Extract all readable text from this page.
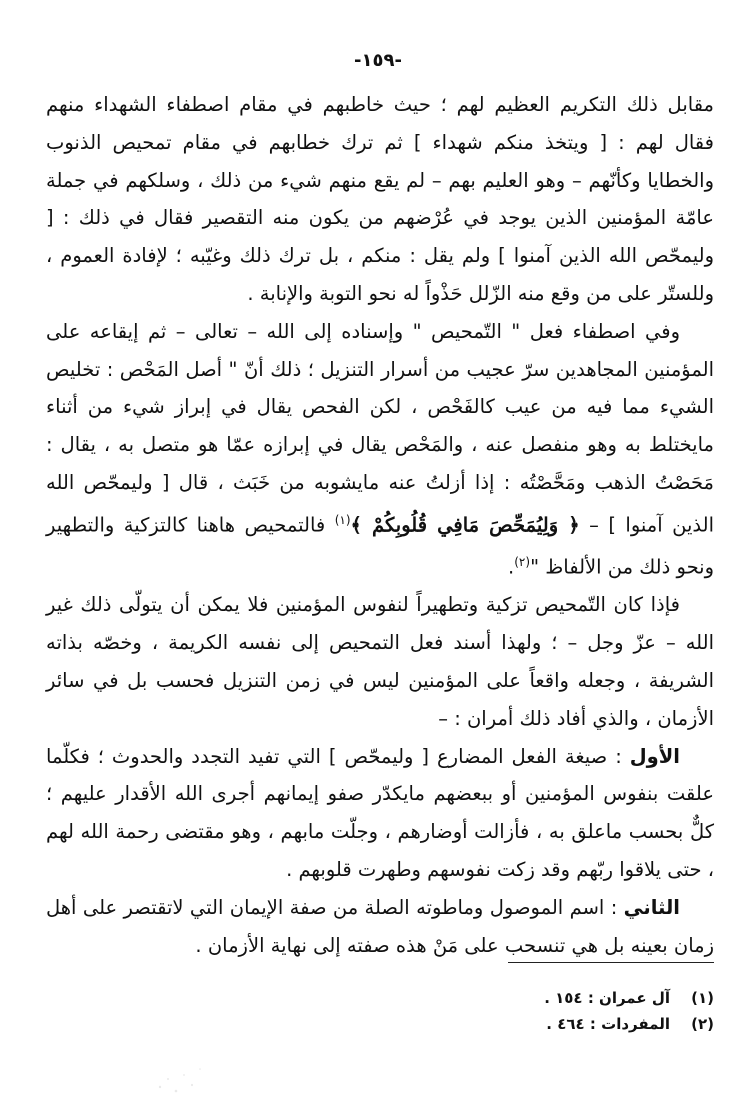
-١٥٩-

مقابل ذلك التكريم العظيم لهم ؛ حيث خاطبهم في مقام اصطفاء الشهداء منهم فقال لهم : [ ويتخذ منكم شهداء ] ثم ترك خطابهم في مقام تمحيص الذنوب والخطايا وكأنّهم – وهو العليم بهم – لم يقع منهم شيء من ذلك ، وسلكهم في جملة عامّة المؤمنين الذين يوجد في عُرْضهم من يكون منه التقصير فقال في ذلك : [ وليمحّص الله الذين آمنوا ] ولم يقل : منكم ، بل ترك ذلك وغيّبه ؛ لإفادة العموم ، وللستّر على من وقع منه الزّلل حَذْواً له نحو التوبة والإنابة .

وفي اصطفاء فعل " التّمحيص " وإسناده إلى الله – تعالى – ثم إيقاعه على المؤمنين المجاهدين سرّ عجيب من أسرار التنزيل ؛ ذلك أنّ " أصل المَحْص : تخليص الشيء مما فيه من عيب كالفَحْص ، لكن الفحص يقال في إبراز شيء من أثناء مايختلط به وهو منفصل عنه ، والمَحْص يقال في إبرازه عمّا هو متصل به ، يقال : مَحَصْتُ الذهب ومَحَّصْتُه : إذا أزلتُ عنه مايشوبه من خَبَث ، قال [ وليمحّص الله الذين آمنوا ] – ﴿ وَلِيُمَحِّصَ مَافِي قُلُوبِكُمْ ﴾$^{(١)}$ فالتمحيص هاهنا كالتزكية والتطهير ونحو ذلك من الألفاظ "$^{(٢)}$.

فإذا كان التّمحيص تزكية وتطهيراً لنفوس المؤمنين فلا يمكن أن يتولّى ذلك غير الله – عزّ وجل – ؛ ولهذا أسند فعل التمحيص إلى نفسه الكريمة ، وخصّه بذاته الشريفة ، وجعله واقعاً على المؤمنين ليس في زمن التنزيل فحسب بل في سائر الأزمان ، والذي أفاد ذلك أمران : –

الأول : صيغة الفعل المضارع [ وليمحّص ] التي تفيد التجدد والحدوث ؛ فكلّما علقت بنفوس المؤمنين أو ببعضهم مايكدّر صفو إيمانهم أجرى الله الأقدار عليهم ؛ كلٌّ بحسب ماعلق به ، فأزالت أوضارهم ، وجلّت مابهم ، وهو مقتضى رحمة الله لهم ، حتى يلاقوا ربّهم وقد زكت نفوسهم وطهرت قلوبهم .

الثاني : اسم الموصول وماطوته الصلة من صفة الإيمان التي لاتقتصر على أهل زمان بعينه بل هي تنسحب على مَنْ هذه صفته إلى نهاية الأزمان .

(١)
آل عمران : ١٥٤ .
(٢)
المفردات : ٤٦٤ .
